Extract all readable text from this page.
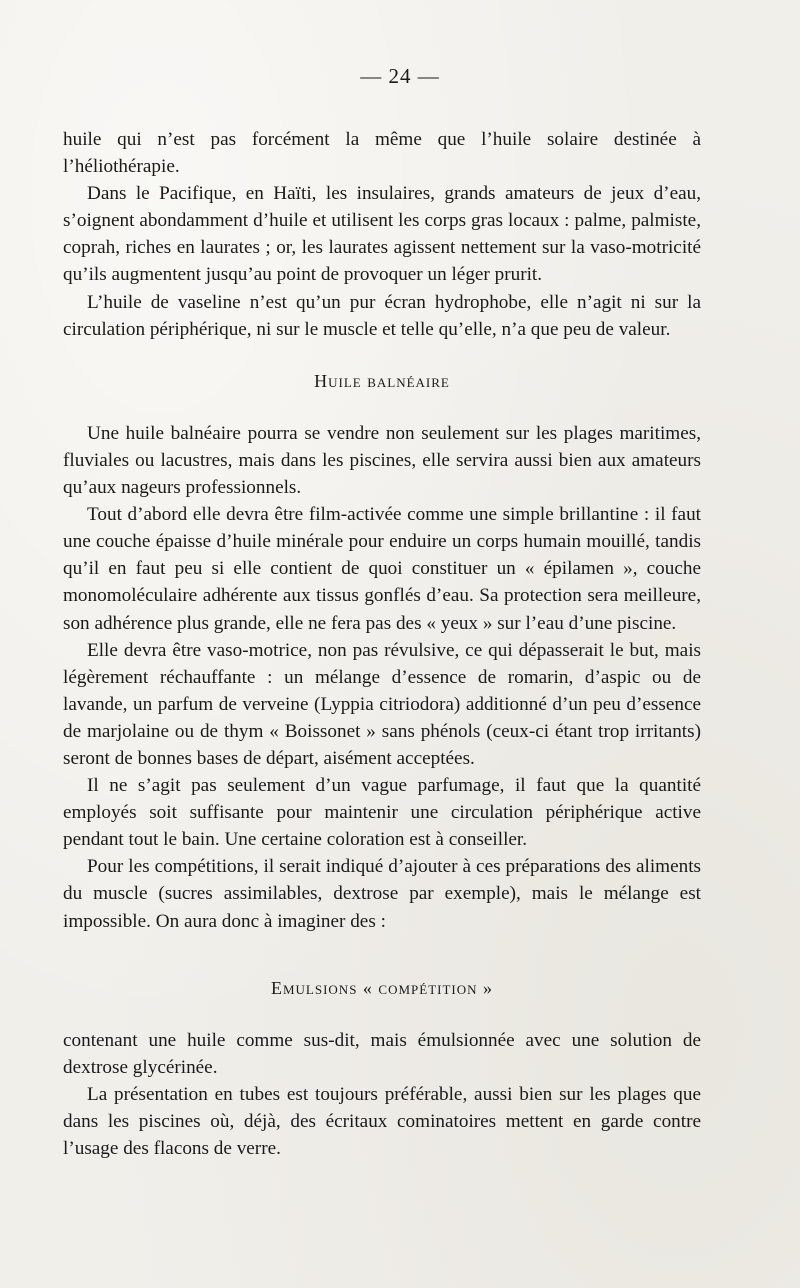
— 24 —

huile qui n’est pas forcément la même que l’huile solaire destinée à l’héliothérapie.

Dans le Pacifique, en Haïti, les insulaires, grands amateurs de jeux d’eau, s’oignent abondamment d’huile et utilisent les corps gras locaux : palme, palmiste, coprah, riches en laurates ; or, les laurates agissent nettement sur la vaso-motricité qu’ils augmentent jusqu’au point de provoquer un léger prurit.

L’huile de vaseline n’est qu’un pur écran hydrophobe, elle n’agit ni sur la circulation périphérique, ni sur le muscle et telle qu’elle, n’a que peu de valeur.

Huile balnéaire

Une huile balnéaire pourra se vendre non seulement sur les plages maritimes, fluviales ou lacustres, mais dans les piscines, elle servira aussi bien aux amateurs qu’aux nageurs professionnels.

Tout d’abord elle devra être film-activée comme une simple brillantine : il faut une couche épaisse d’huile minérale pour enduire un corps humain mouillé, tandis qu’il en faut peu si elle contient de quoi constituer un « épilamen », couche monomoléculaire adhérente aux tissus gonflés d’eau. Sa protection sera meilleure, son adhérence plus grande, elle ne fera pas des « yeux » sur l’eau d’une piscine.

Elle devra être vaso-motrice, non pas révulsive, ce qui dépasserait le but, mais légèrement réchauffante : un mélange d’essence de romarin, d’aspic ou de lavande, un parfum de verveine (Lyppia citriodora) additionné d’un peu d’essence de marjolaine ou de thym « Boissonet » sans phénols (ceux-ci étant trop irritants) seront de bonnes bases de départ, aisément acceptées.

Il ne s’agit pas seulement d’un vague parfumage, il faut que la quantité employés soit suffisante pour maintenir une circulation périphérique active pendant tout le bain. Une certaine coloration est à conseiller.

Pour les compétitions, il serait indiqué d’ajouter à ces préparations des aliments du muscle (sucres assimilables, dextrose par exemple), mais le mélange est impossible. On aura donc à imaginer des :

Emulsions « compétition »

contenant une huile comme sus-dit, mais émulsionnée avec une solution de dextrose glycérinée.

La présentation en tubes est toujours préférable, aussi bien sur les plages que dans les piscines où, déjà, des écritaux cominatoires mettent en garde contre l’usage des flacons de verre.
